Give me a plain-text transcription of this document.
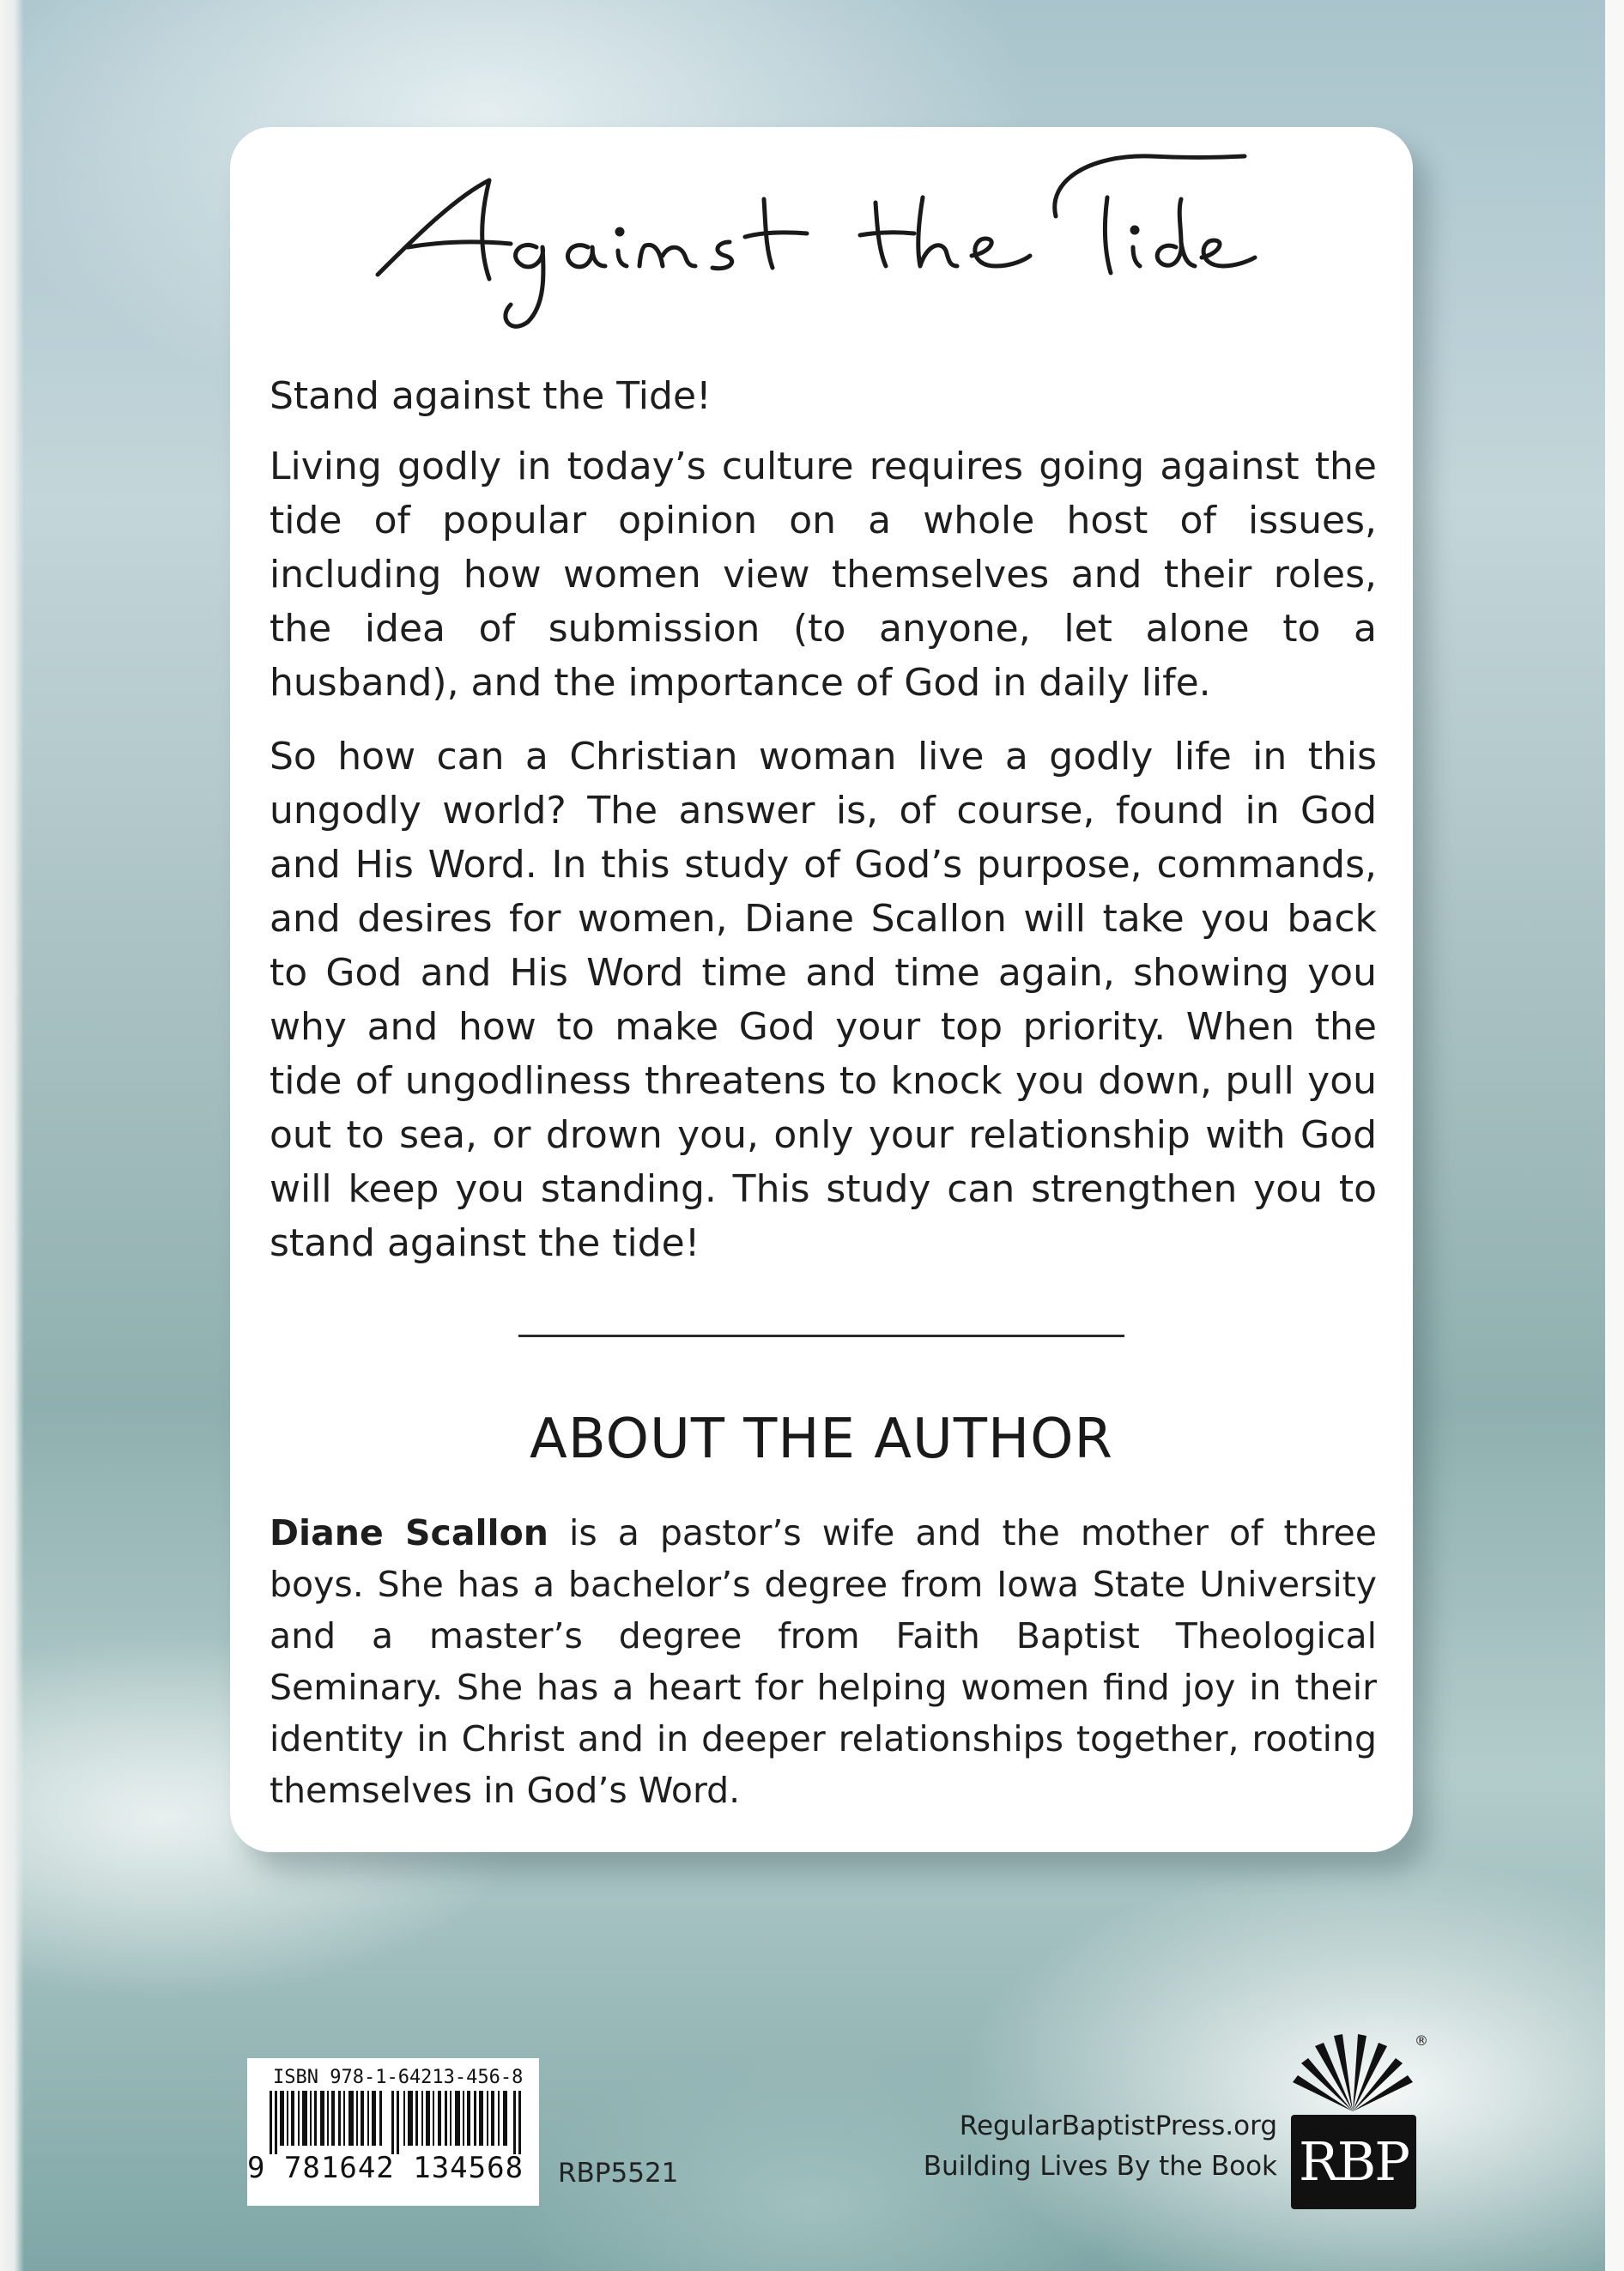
Stand against the Tide!

Living godly in today’s culture requires going against the tide of popular opinion on a whole host of issues, including how women view themselves and their roles, the idea of submission (to anyone, let alone to a husband), and the importance of God in daily life.

So how can a Christian woman live a godly life in this ungodly world? The answer is, of course, found in God and His Word. In this study of God’s purpose, commands, and desires for women, Diane Scallon will take you back to God and His Word time and time again, showing you why and how to make God your top priority. When the tide of ungodliness threatens to knock you down, pull you out to sea, or drown you, only your relationship with God will keep you standing. This study can strengthen you to stand against the tide!

ABOUT THE AUTHOR

Diane Scallon is a pastor’s wife and the mother of three boys. She has a bachelor’s degree from Iowa State University and a master’s degree from Faith Baptist Theological Seminary. She has a heart for helping women find joy in their identity in Christ and in deeper relationships together, rooting themselves in God’s Word.

ISBN 978-1-64213-456-8
9 781642 134568 RBP5521
RegularBaptistPress.org
Building Lives By the Book
®
RBP
